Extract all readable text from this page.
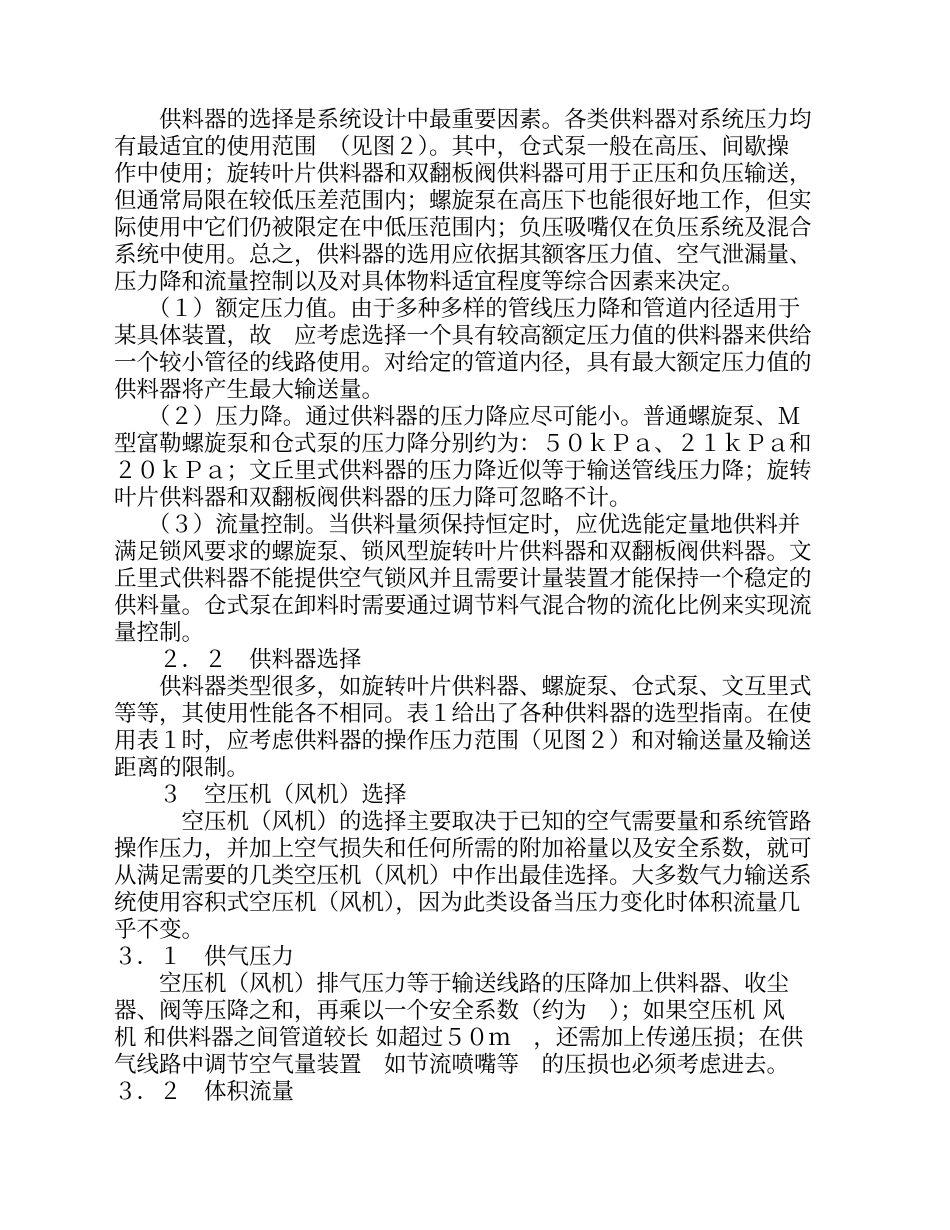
　　供料器的选择是系统设计中最重要因素。各类供料器对系统压力均
有最适宜的使用范围　（见图２）。其中，仓式泵一般在高压、间歇操
作中使用；旋转叶片供料器和双翻板阀供料器可用于正压和负压输送，
但通常局限在较低压差范围内；螺旋泵在高压下也能很好地工作，但实
际使用中它们仍被限定在中低压范围内；负压吸嘴仅在负压系统及混合
系统中使用。总之，供料器的选用应依据其额客压力值、空气泄漏量、
压力降和流量控制以及对具体物料适宜程度等综合因素来决定。
　　（１）额定压力值。由于多种多样的管线压力降和管道内径适用于
某具体装置，故　应考虑选择一个具有较高额定压力值的供料器来供给
一个较小管径的线路使用。对给定的管道内径，具有最大额定压力值的
供料器将产生最大输送量。
　　（２）压力降。通过供料器的压力降应尽可能小。普通螺旋泵、Ｍ
型富勒螺旋泵和仓式泵的压力降分别约为：５０ｋＰａ、２１ｋＰａ和
２０ｋＰａ；文丘里式供料器的压力降近似等于输送管线压力降；旋转
叶片供料器和双翻板阀供料器的压力降可忽略不计。
　　（３）流量控制。当供料量须保持恒定时，应优选能定量地供料并
满足锁风要求的螺旋泵、锁风型旋转叶片供料器和双翻板阀供料器。文
丘里式供料器不能提供空气锁风并且需要计量装置才能保持一个稳定的
供料量。仓式泵在卸料时需要通过调节料气混合物的流化比例来实现流
量控制。
　　２．２　供料器选择
　　供料器类型很多，如旋转叶片供料器、螺旋泵、仓式泵、文互里式
等等，其使用性能各不相同。表１给出了各种供料器的选型指南。在使
用表１时，应考虑供料器的操作压力范围（见图２）和对输送量及输送
距离的限制。
　　３　空压机（风机）选择
　　　空压机（风机）的选择主要取决于已知的空气需要量和系统管路
操作压力，并加上空气损失和任何所需的附加裕量以及安全系数，就可
从满足需要的几类空压机（风机）中作出最佳选择。大多数气力输送系
统使用容积式空压机（风机），因为此类设备当压力变化时体积流量几
乎不变。
３．１　供气压力
　　空压机（风机）排气压力等于输送线路的压降加上供料器、收尘
器、阀等压降之和，再乘以一个安全系数（约为　）；如果空压机 风
机 和供料器之间管道较长 如超过５０ｍ　，还需加上传递压损；在供
气线路中调节空气量装置　如节流喷嘴等　的压损也必须考虑进去。
３．２　体积流量
